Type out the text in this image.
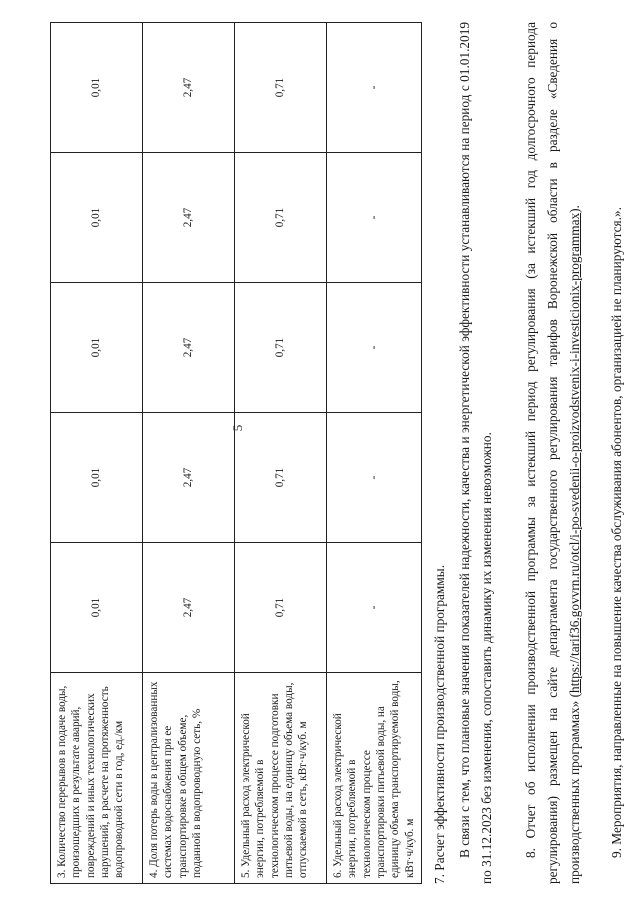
5
3. Количество перерывов в подаче воды, произошедших в результате аварий, повреждений и иных технологических нарушений, в расчете на протяженность водопроводной сети в год, ед./км	0,01	0,01	0,01	0,01	0,01
4. Доля потерь воды в централизованных системах водоснабжения при ее транспортировке в общем объеме, поданной в водопроводную сеть, %	2,47	2,47	2,47	2,47	2,47
5. Удельный расход электрической энергии, потребляемой в технологическом процессе подготовки питьевой воды, на единицу объема воды, отпускаемой в сеть, кВт·ч/куб. м	0,71	0,71	0,71	0,71	0,71
6. Удельный расход электрической энергии, потребляемой в технологическом процессе транспортировки питьевой воды, на единицу объема транспортируемой воды, кВт·ч/куб. м	-	-	-	-	-
7. Расчет эффективности производственной программы. В связи с тем, что плановые значения показателей надежности, качества и энергетической эффективности устанавливаются на период с 01.01.2019 по 31.12.2023 без изменения, сопоставить динамику их изменения невозможно. 8. Отчет об исполнении производственной программы за истекший период регулирования (за истекший год долгосрочного периода регулирования) размещен на сайте департамента государственного регулирования тарифов Воронежской области в разделе «Сведения о производственных программах» (https://tarif36.govvrn.ru/otcl/i-po-svedenii-o-proizvodstvenix-i-investicionix-programmax). 9. Мероприятия, направленные на повышение качества обслуживания абонентов, организацией не планируются.».
